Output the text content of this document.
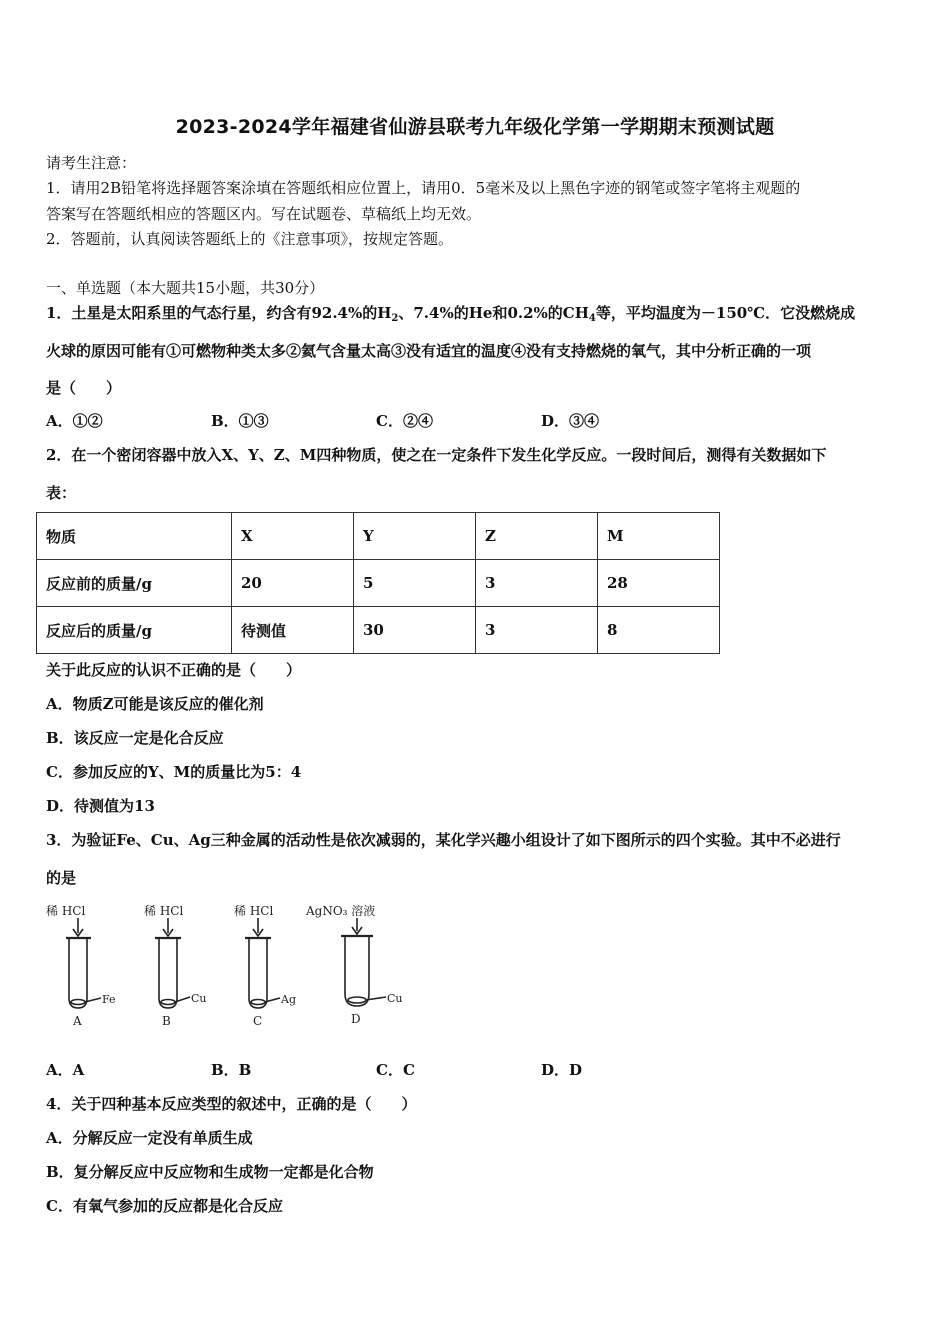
2023-2024学年福建省仙游县联考九年级化学第一学期期末预测试题
请考生注意：
1．请用2B铅笔将选择题答案涂填在答题纸相应位置上，请用0．5毫米及以上黑色字迹的钢笔或签字笔将主观题的
答案写在答题纸相应的答题区内。写在试题卷、草稿纸上均无效。
2．答题前，认真阅读答题纸上的《注意事项》，按规定答题。
一、单选题（本大题共15小题，共30分）
1．土星是太阳系里的气态行星，约含有92.4%的$H_2$、7.4%的He和0.2%的$CH_4$等，平均温度为－150℃．它没燃烧成
火球的原因可能有①可燃物种类太多②氦气含量太高③没有适宜的温度④没有支持燃烧的氧气，其中分析正确的一项
是（　　）
A．①②	B．①③	C．②④	D．③④
2．在一个密闭容器中放入X、Y、Z、M四种物质，使之在一定条件下发生化学反应。一段时间后，测得有关数据如下
表：
物质	X	Y	Z	M
反应前的质量/g	20	5	3	28
反应后的质量/g	待测值	30	3	8
关于此反应的认识不正确的是（　　）
A．物质Z可能是该反应的催化剂
B．该反应一定是化合反应
C．参加反应的Y、M的质量比为5：4
D．待测值为13
3．为验证Fe、Cu、Ag三种金属的活动性是依次减弱的，某化学兴趣小组设计了如下图所示的四个实验。其中不必进行
的是
稀 HCl
Fe
A
稀 HCl
Cu
B
稀 HCl
Ag
C
AgNO₃ 溶液
Cu
D
A．A	B．B	C．C	D．D
4．关于四种基本反应类型的叙述中，正确的是（　　）
A．分解反应一定没有单质生成
B．复分解反应中反应物和生成物一定都是化合物
C．有氧气参加的反应都是化合反应
